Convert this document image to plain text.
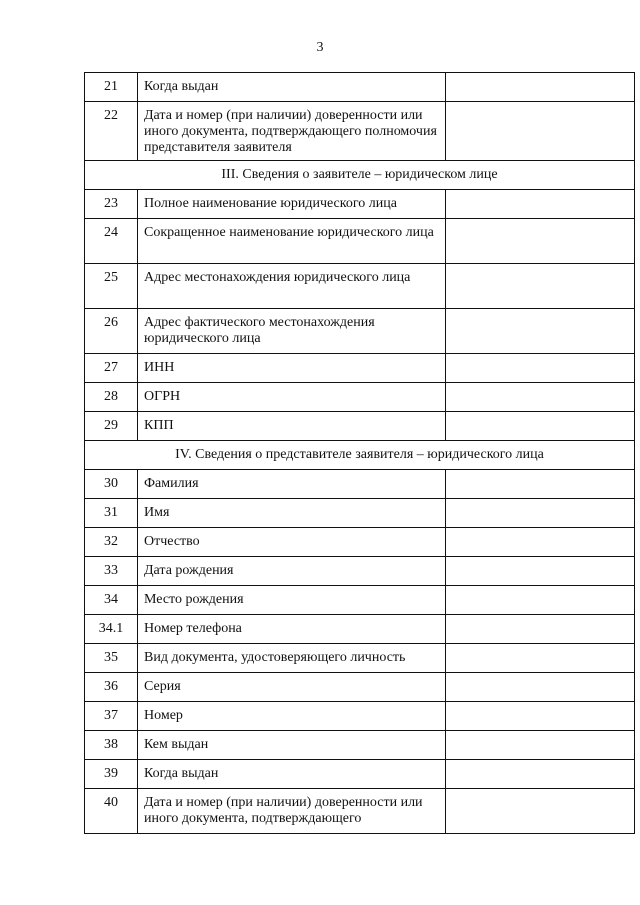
3
21	Когда выдан	
22	Дата и номер (при наличии) доверенности или иного документа, подтверждающего полномочия представителя заявителя	
III. Сведения о заявителе – юридическом лице		
23	Полное наименование юридического лица	
24	Сокращенное наименование юридического лица	
25	Адрес местонахождения юридического лица	
26	Адрес фактического местонахождения юридического лица	
27	ИНН	
28	ОГРН	
29	КПП	
IV. Сведения о представителе заявителя – юридического лица		
30	Фамилия	
31	Имя	
32	Отчество	
33	Дата рождения	
34	Место рождения	
34.1	Номер телефона	
35	Вид документа, удостоверяющего личность	
36	Серия	
37	Номер	
38	Кем выдан	
39	Когда выдан	
40	Дата и номер (при наличии) доверенности или иного документа, подтверждающего	
